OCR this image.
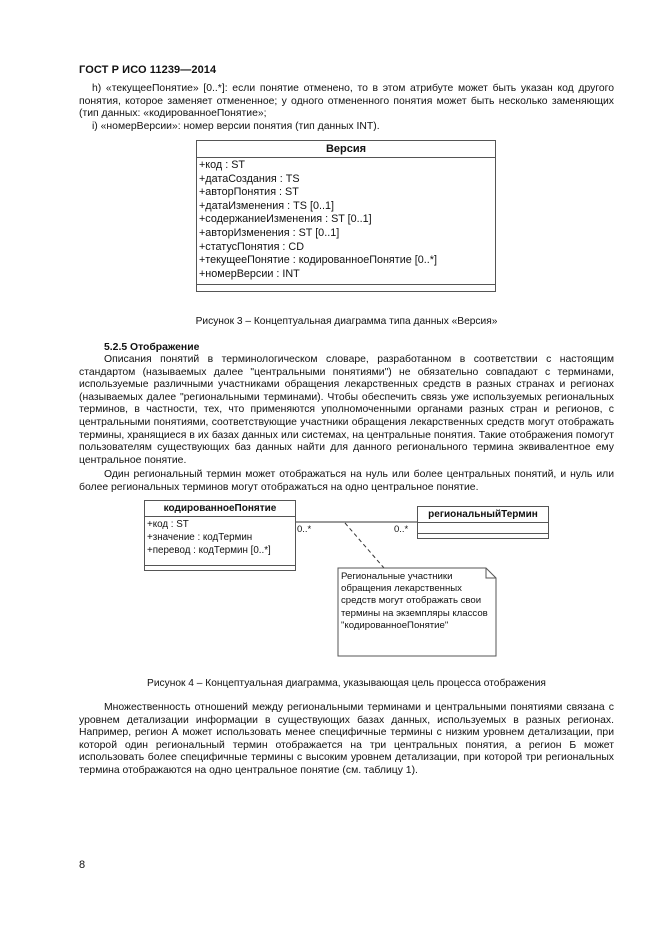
ГОСТ Р ИСО 11239—2014

h) «текущееПонятие» [0..*]: если понятие отменено, то в этом атрибуте может быть указан код другого понятия, которое заменяет отмененное; у одного отмененного понятия может быть несколько заменяющих (тип данных: «кодированноеПонятие»;

i) «номерВерсии»: номер версии понятия (тип данных INT).

Версия
+код : ST
+датаСоздания : TS
+авторПонятия : ST
+датаИзменения : TS [0..1]
+содержаниеИзменения : ST [0..1]
+авторИзменения : ST [0..1]
+статусПонятия : CD
+текущееПонятие : кодированноеПонятие [0..*]
+номерВерсии : INT
Рисунок 3 – Концептуальная диаграмма типа данных «Версия»
5.2.5 Отображение

Описания понятий в терминологическом словаре, разработанном в соответствии с настоящим стандартом (называемых далее "центральными понятиями") не обязательно совпадают с терминами, используемые различными участниками обращения лекарственных средств в разных странах и регионах (называемых далее "региональными терминами). Чтобы обеспечить связь уже используемых региональных терминов, в частности, тех, что применяются уполномоченными органами разных стран и регионов, с центральными понятиями, соответствующие участники обращения лекарственных средств могут отображать термины, хранящиеся в их базах данных или системах, на центральные понятия. Такие отображения помогут пользователям существующих баз данных найти для данного регионального термина эквивалентное ему центральное понятие.

Один региональный термин может отображаться на нуль или более центральных понятий, и нуль или более региональных терминов могут отображаться на одно центральное понятие.

кодированноеПонятие
+код : ST
+значение : кодТермин
+перевод : кодТермин [0..*]
региональныйТермин
0..*	0..*
Региональные участники обращения лекарственных средств могут отображать свои термины на экземпляры классов "кодированноеПонятие"
Рисунок 4 – Концептуальная диаграмма, указывающая цель процесса отображения

Множественность отношений между региональными терминами и центральными понятиями связана с уровнем детализации информации в существующих базах данных, используемых в разных регионах. Например, регион А может использовать менее специфичные термины с низким уровнем детализации, при которой один региональный термин отображается на три центральных понятия, а регион Б может использовать более специфичные термины с высоким уровнем детализации, при которой три региональных термина отображаются на одно центральное понятие (см. таблицу 1).

8
